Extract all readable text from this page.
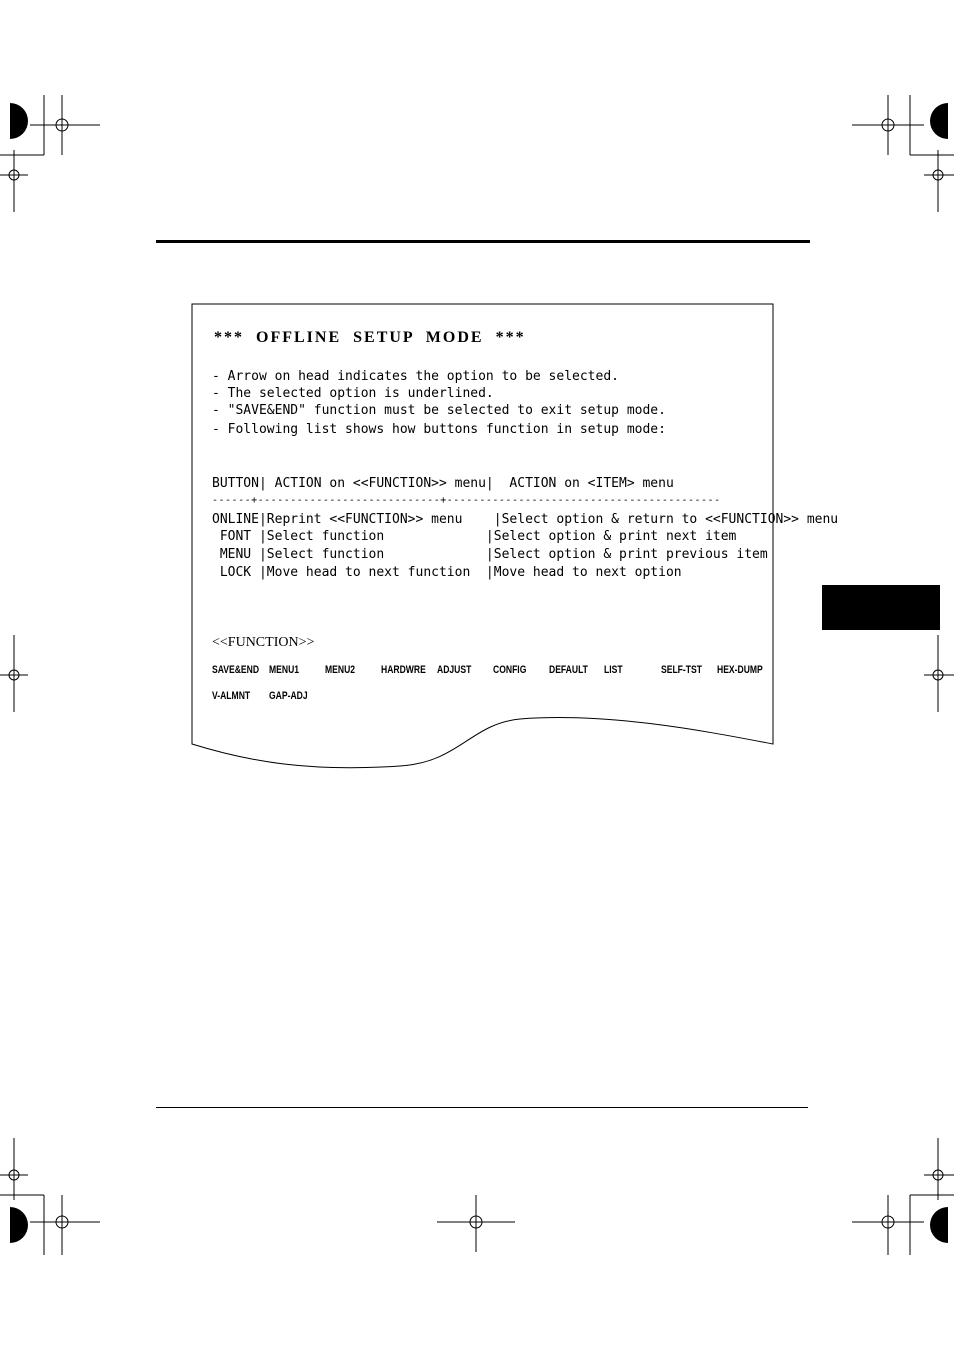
***  OFFLINE  SETUP  MODE  ***
- Arrow on head indicates the option to be selected.
- The selected option is underlined.
- "SAVE&END" function must be selected to exit setup mode.
- Following list shows how buttons function in setup mode:
BUTTON| ACTION on <<FUNCTION>> menu|  ACTION on <ITEM> menu
------+----------------------------+------------------------------------------
ONLINE|Reprint <<FUNCTION>> menu    |Select option & return to <<FUNCTION>> menu
FONT |Select function             |Select option & print next item
MENU |Select function             |Select option & print previous item
LOCK |Move head to next function  |Move head to next option
<<FUNCTION>>
SAVE&END MENU1 MENU2 HARDWRE ADJUST CONFIG DEFAULT LIST	SELF-TST HEX-DUMP
V-ALMNT GAP-ADJ
